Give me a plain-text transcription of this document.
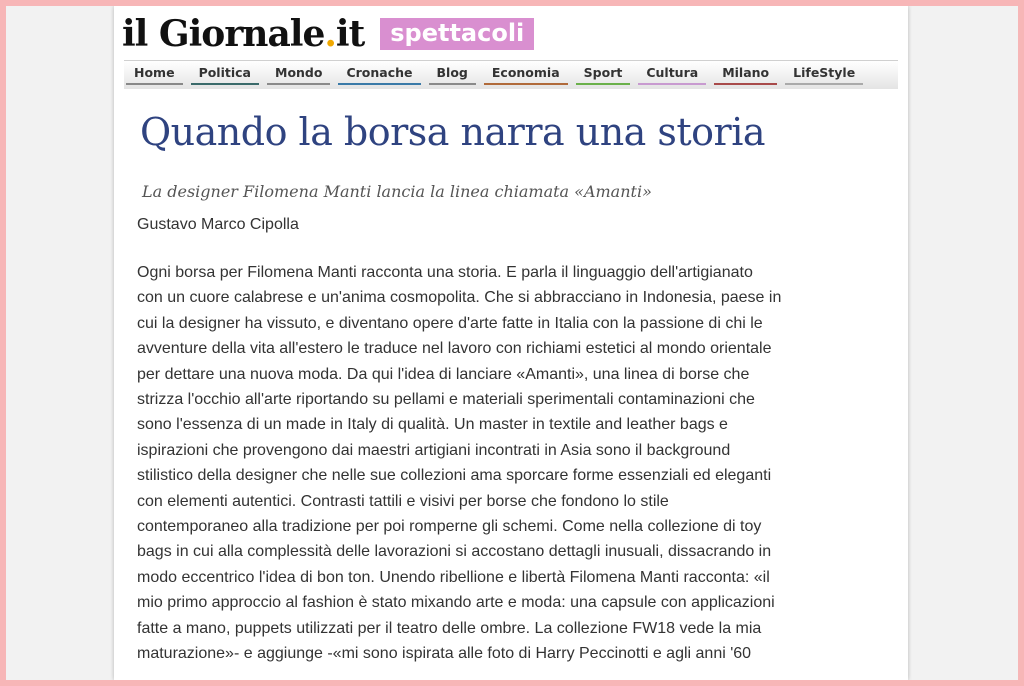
il Giornale.it	spettacoli
Home	Politica	Mondo	Cronache	Blog	Economia	Sport	Cultura	Milano	LifeStyle
Quando la borsa narra una storia
La designer Filomena Manti lancia la linea chiamata «Amanti»
Gustavo Marco Cipolla

Ogni borsa per Filomena Manti racconta una storia. E parla il linguaggio dell'artigianato
con un cuore calabrese e un'anima cosmopolita. Che si abbracciano in Indonesia, paese in
cui la designer ha vissuto, e diventano opere d'arte fatte in Italia con la passione di chi le
avventure della vita all'estero le traduce nel lavoro con richiami estetici al mondo orientale
per dettare una nuova moda. Da qui l'idea di lanciare «Amanti», una linea di borse che
strizza l'occhio all'arte riportando su pellami e materiali sperimentali contaminazioni che
sono l'essenza di un made in Italy di qualità. Un master in textile and leather bags e
ispirazioni che provengono dai maestri artigiani incontrati in Asia sono il background
stilistico della designer che nelle sue collezioni ama sporcare forme essenziali ed eleganti
con elementi autentici. Contrasti tattili e visivi per borse che fondono lo stile
contemporaneo alla tradizione per poi romperne gli schemi. Come nella collezione di toy
bags in cui alla complessità delle lavorazioni si accostano dettagli inusuali, dissacrando in
modo eccentrico l'idea di bon ton. Unendo ribellione e libertà Filomena Manti racconta: «il
mio primo approccio al fashion è stato mixando arte e moda: una capsule con applicazioni
fatte a mano, puppets utilizzati per il teatro delle ombre. La collezione FW18 vede la mia
maturazione»- e aggiunge -«mi sono ispirata alle foto di Harry Peccinotti e agli anni '60
